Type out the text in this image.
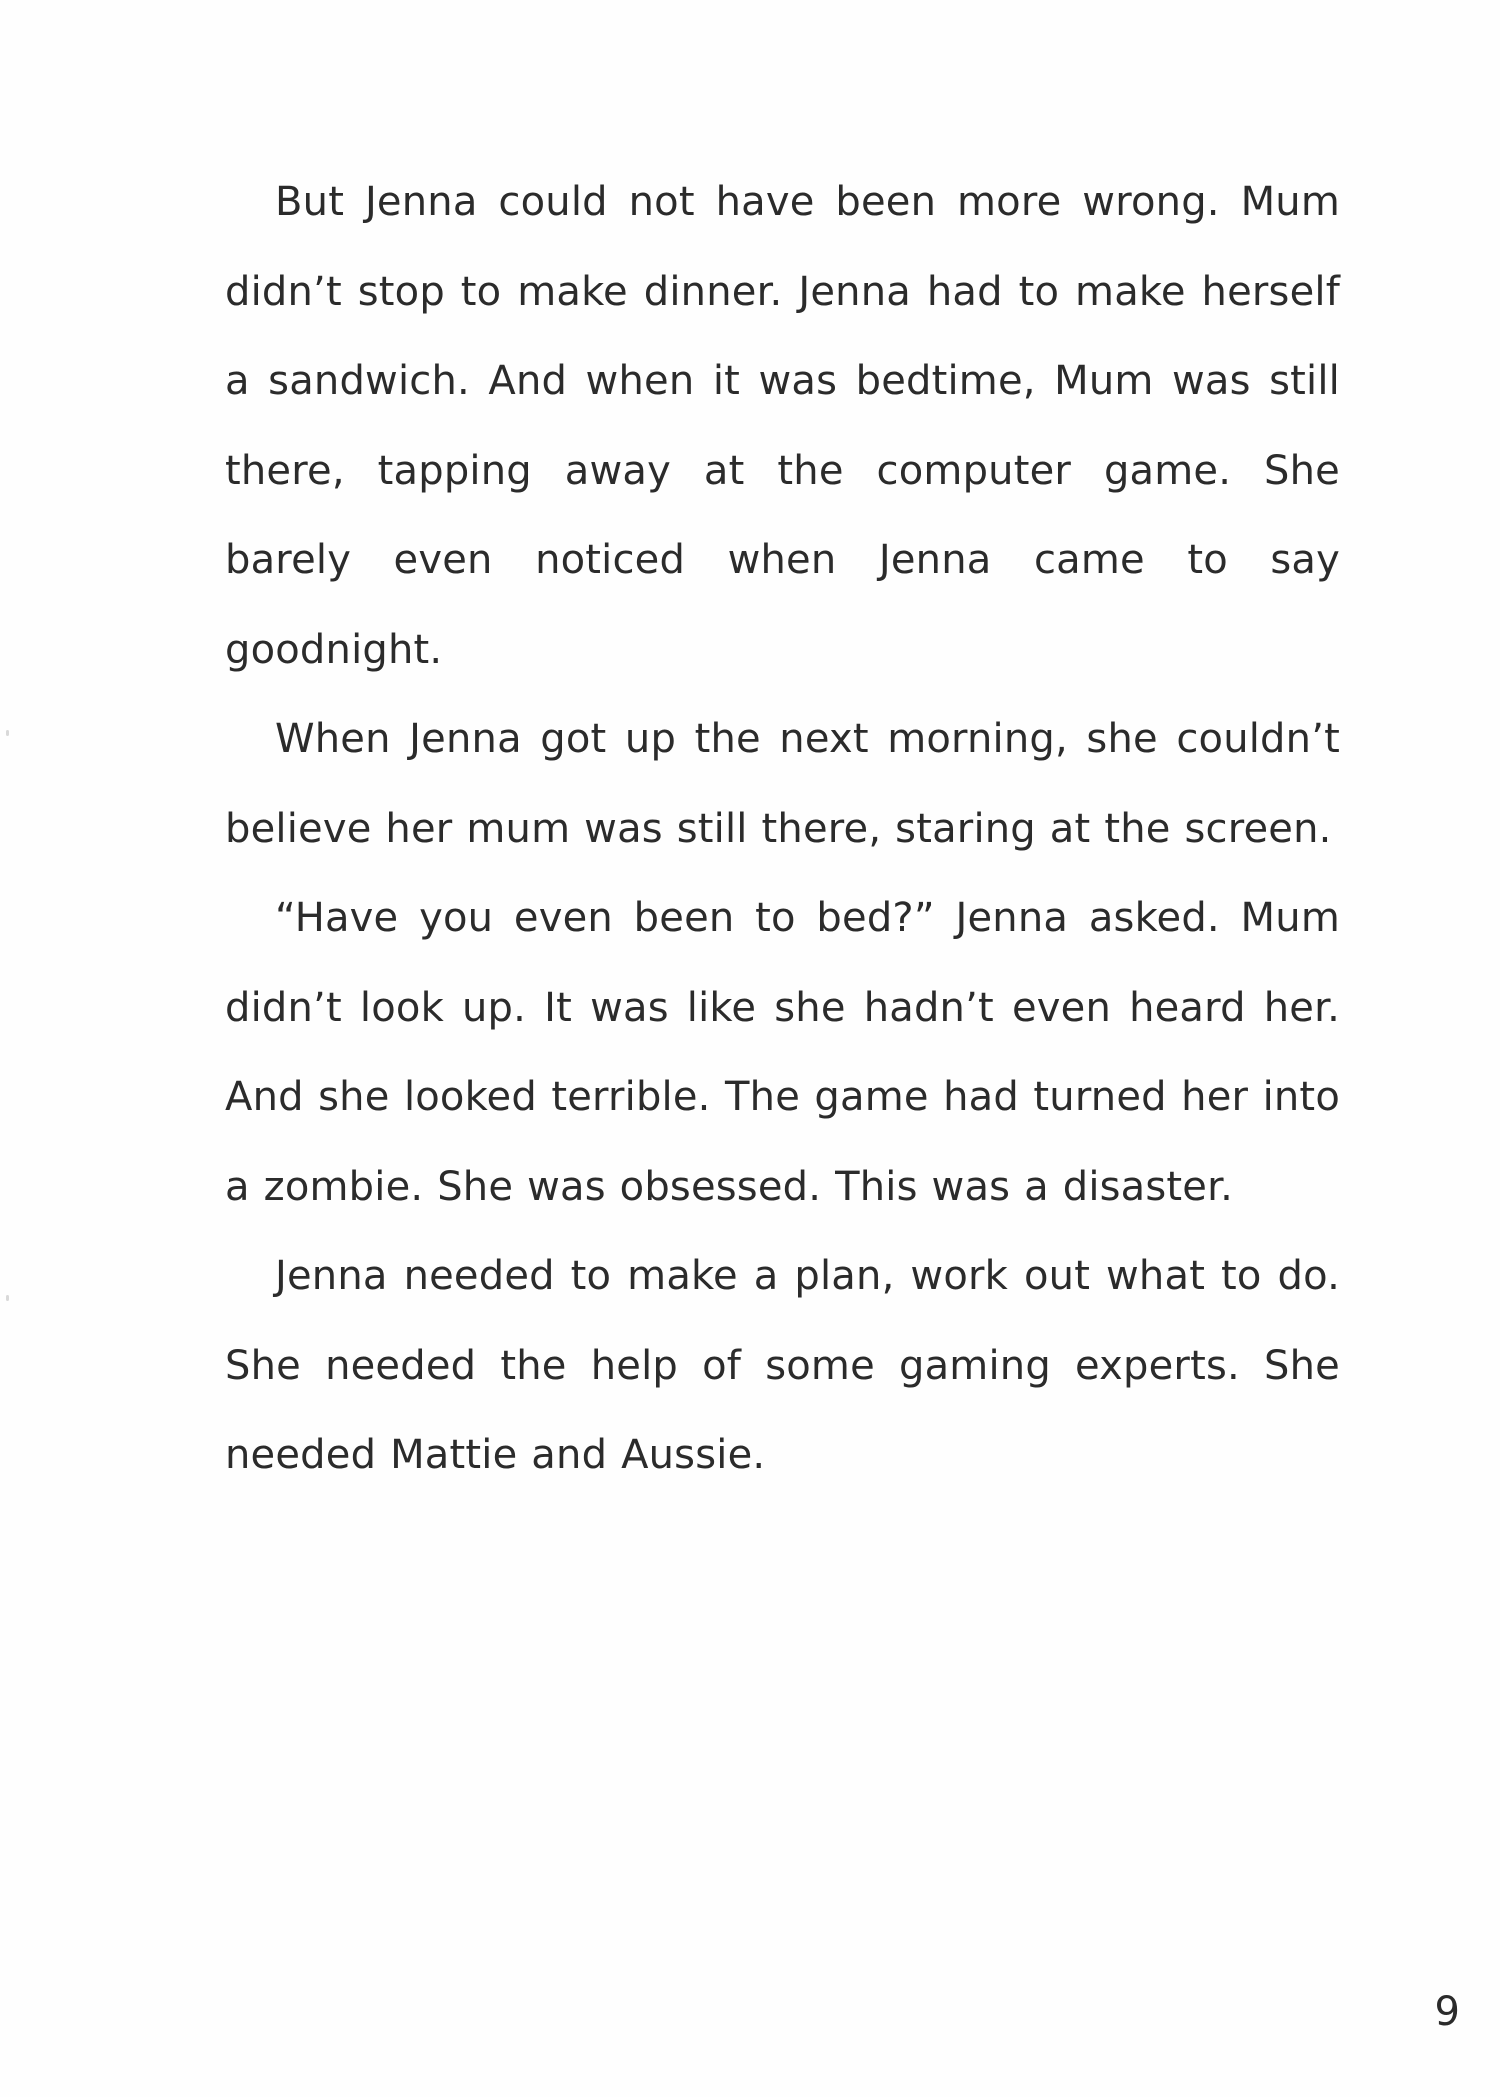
But Jenna could not have been more wrong. Mum didn’t stop to make dinner. Jenna had to make herself a sandwich. And when it was bedtime, Mum was still there, tapping away at the computer game. She barely even noticed when Jenna came to say goodnight.

When Jenna got up the next morning, she couldn’t believe her mum was still there, staring at the screen.

“Have you even been to bed?” Jenna asked. Mum didn’t look up. It was like she hadn’t even heard her. And she looked terrible. The game had turned her into a zombie. She was obsessed. This was a disaster.

Jenna needed to make a plan, work out what to do. She needed the help of some gaming experts. She needed Mattie and Aussie.

9
